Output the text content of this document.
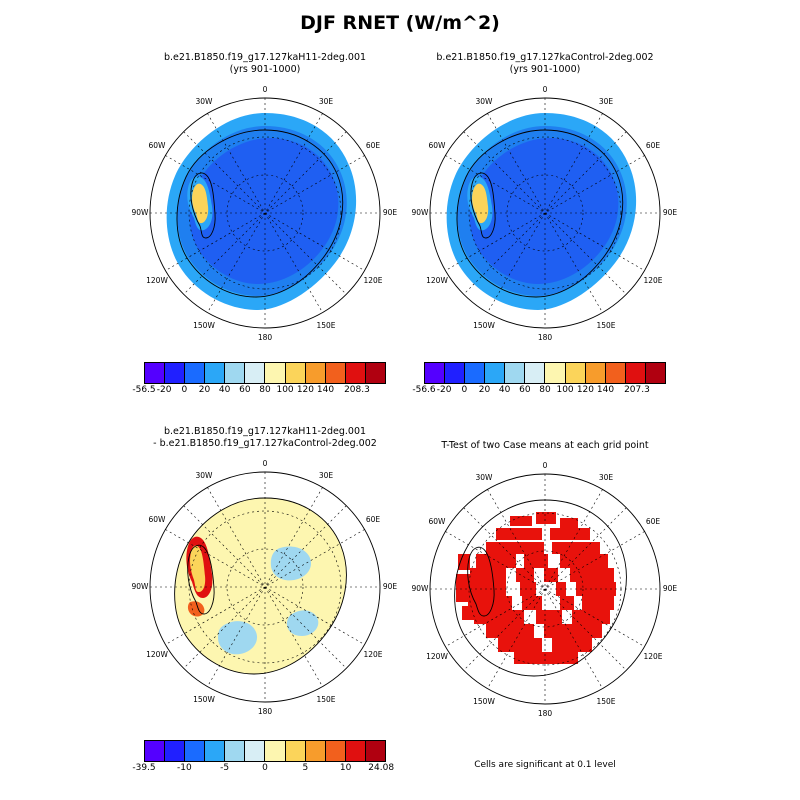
DJF RNET (W/m^2)
b.e21.B1850.f19_g17.127kaH11-2deg.001
(yrs 901-1000)
0
30E
60E
90E
120E
150E
180
150W
120W
90W
60W
30W
-56.5 -20 0 20 40 60 80 100 120 140 208.3
b.e21.B1850.f19_g17.127kaControl-2deg.002
(yrs 901-1000)
0
30E
60E
90E
120E
150E
180
150W
120W
90W
60W
30W
-56.6 -20 0 20 40 60 80 100 120 140 207.3
b.e21.B1850.f19_g17.127kaH11-2deg.001
- b.e21.B1850.f19_g17.127kaControl-2deg.002
0
30E
60E
90E
120E
150E
180
150W
120W
90W
60W
30W
-39.5 -10	-5	0	5	10 24.08
T-Test of two Case means at each grid point
0
30E
60E
90E
120E
150E
180
150W
120W
90W
60W
30W
Cells are significant at 0.1 level
